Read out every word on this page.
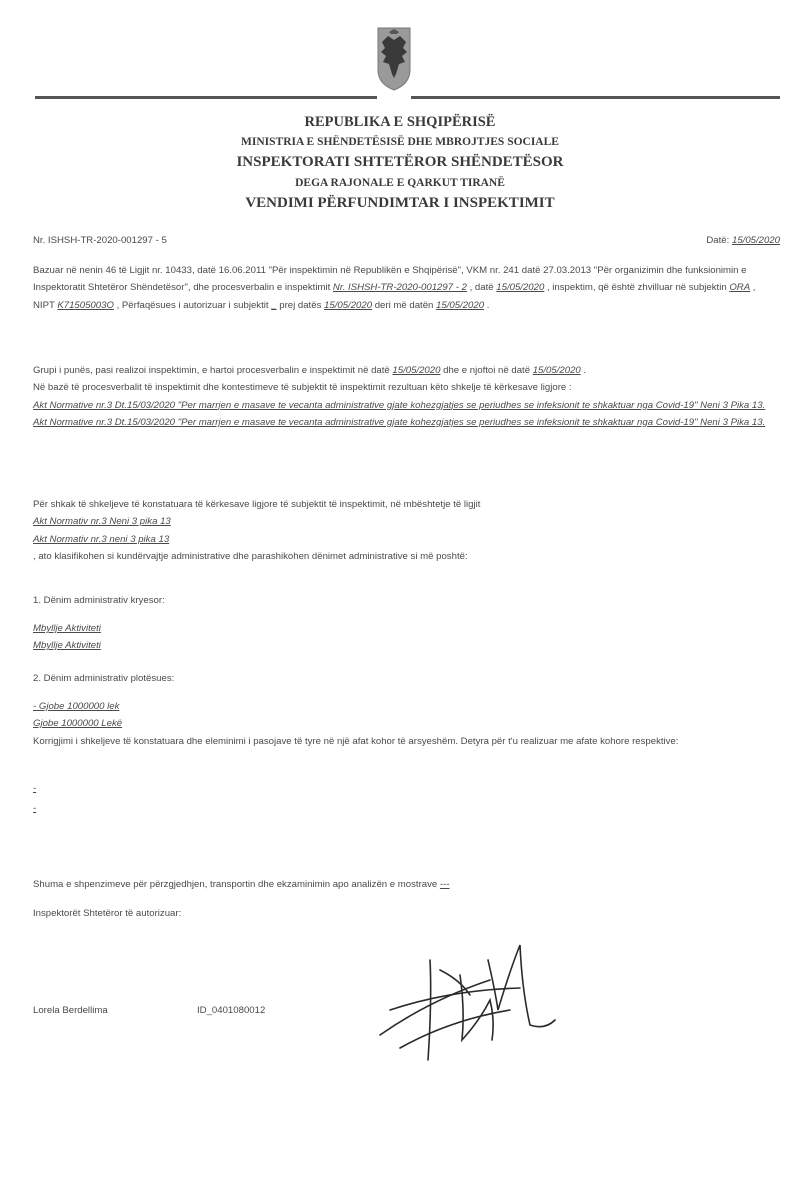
REPUBLIKA E SHQIPËRISË
MINISTRIA E SHËNDETËSISË DHE MBROJTJES SOCIALE
INSPEKTORATI SHTETËROR SHËNDETËSOR
DEGA RAJONALE E QARKUT TIRANË
VENDIMI PËRFUNDIMTAR I INSPEKTIMIT
Nr. ISHSH-TR-2020-001297 - 5	Datë: 15/05/2020
Bazuar në nenin 46 të Ligjit nr. 10433, datë 16.06.2011 "Për inspektimin në Republikën e Shqipërisë", VKM nr. 241 datë 27.03.2013 "Për organizimin dhe funksionimin e Inspektoratit Shtetëror Shëndetësor", dhe procesverbalin e inspektimit Nr. ISHSH-TR-2020-001297 - 2 , datë 15/05/2020 , inspektim, që është zhvilluar në subjektin ORA , NIPT K71505003O , Përfaqësues i autorizuar i subjektit _ prej datës 15/05/2020 deri më datën 15/05/2020 .
Grupi i punës, pasi realizoi inspektimin, e hartoi procesverbalin e inspektimit në datë 15/05/2020 dhe e njoftoi në datë 15/05/2020 .
Në bazë të procesverbalit të inspektimit dhe kontestimeve të subjektit të inspektimit rezultuan këto shkelje të kërkesave ligjore :
Akt Normative nr.3 Dt.15/03/2020 "Per marrjen e masave te vecanta administrative gjate kohezgjatjes se periudhes se infeksionit te shkaktuar nga Covid-19" Neni 3 Pika 13.
Akt Normative nr.3 Dt.15/03/2020 "Per marrjen e masave te vecanta administrative gjate kohezgjatjes se periudhes se infeksionit te shkaktuar nga Covid-19" Neni 3 Pika 13.
Për shkak të shkeljeve të konstatuara të kërkesave ligjore të subjektit të inspektimit, në mbështetje të ligjit
Akt Normativ nr.3 Neni 3 pika 13
Akt Normativ nr.3 neni 3 pika 13
, ato klasifikohen si kundërvajtje administrative dhe parashikohen dënimet administrative si më poshtë:
1. Dënim administrativ kryesor:
Mbyllje Aktiviteti
Mbyllje Aktiviteti
2. Dënim administrativ plotësues:
- Gjobe 1000000 lek
Gjobe 1000000 Lekë
Korrigjimi i shkeljeve të konstatuara dhe eleminimi i pasojave të tyre në një afat kohor të arsyeshëm. Detyra për t'u realizuar me afate kohore respektive:
-
-
Shuma e shpenzimeve për përzgjedhjen, transportin dhe ekzaminimin apo analizën e mostrave ---
Inspektorët Shtetëror të autorizuar:
Lorela Berdellima	ID_0401080012
